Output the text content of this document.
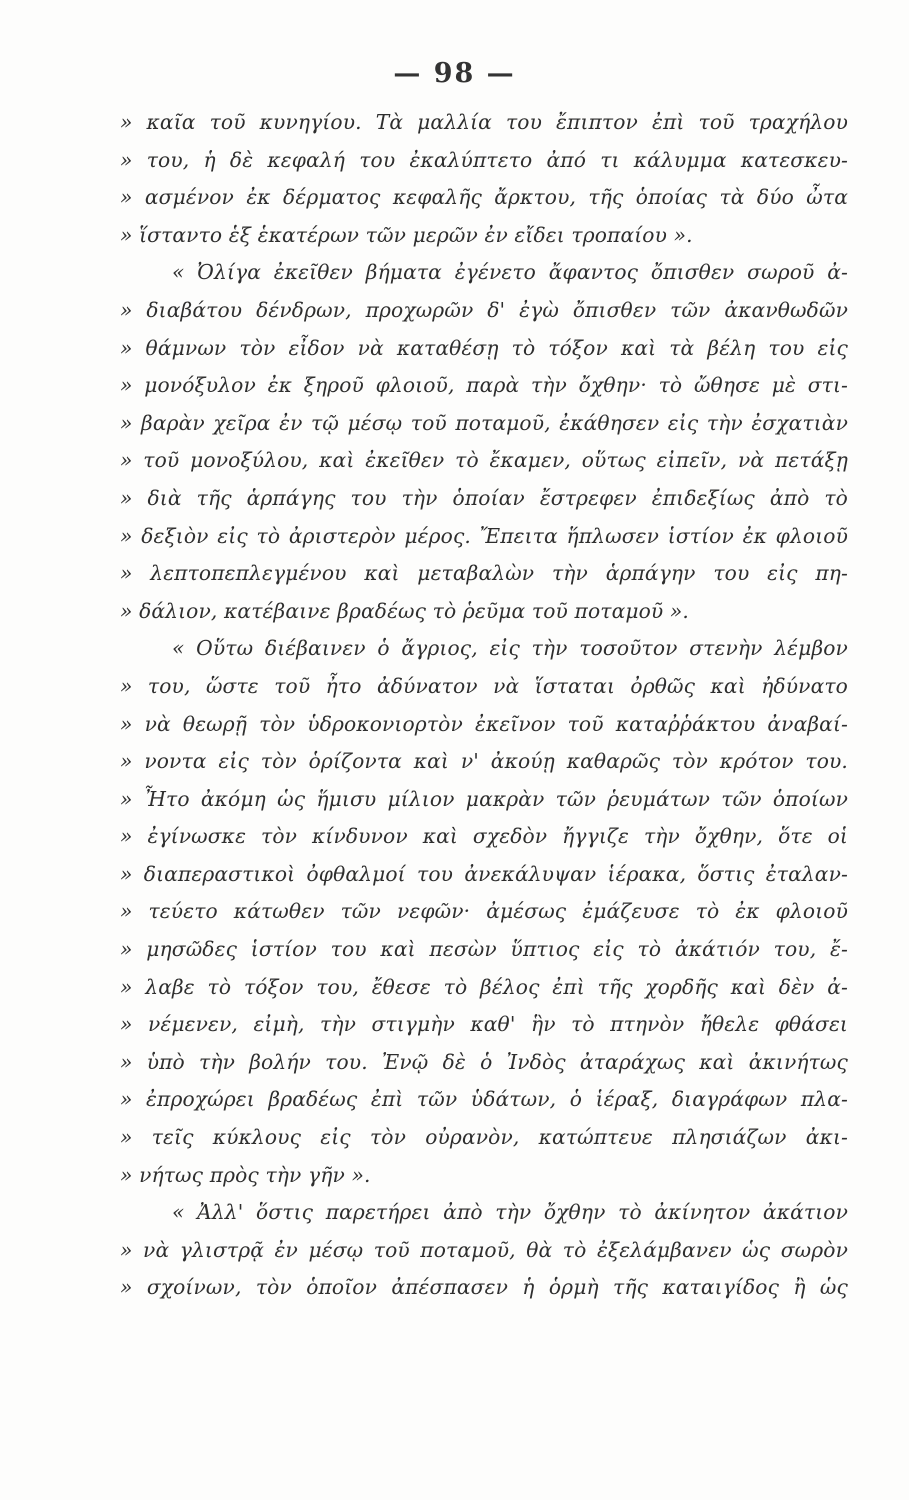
— 98 —
» καῖα τοῦ κυνηγίου. Τὰ μαλλία του ἔπιπτον ἐπὶ τοῦ τραχήλου
» του, ἡ δὲ κεφαλή του ἐκαλύπτετο ἀπό τι κάλυμμα κατεσκευ-
» ασμένον ἐκ δέρματος κεφαλῆς ἄρκτου, τῆς ὁποίας τὰ δύο ὦτα
» ἵσταντο ἑξ ἑκατέρων τῶν μερῶν ἐν εἴδει τροπαίου ».
« Ὀλίγα ἐκεῖθεν βήματα ἐγένετο ἄφαντος ὄπισθεν σωροῦ ἀ-
» διαβάτου δένδρων, προχωρῶν δ' ἐγὼ ὄπισθεν τῶν ἀκανθωδῶν
» θάμνων τὸν εἶδον νὰ καταθέσῃ τὸ τόξον καὶ τὰ βέλη του εἰς
» μονόξυλον ἐκ ξηροῦ φλοιοῦ, παρὰ τὴν ὄχθην· τὸ ὤθησε μὲ στι-
» βαρὰν χεῖρα ἐν τῷ μέσῳ τοῦ ποταμοῦ, ἐκάθησεν εἰς τὴν ἐσχατιὰν
» τοῦ μονοξύλου, καὶ ἐκεῖθεν τὸ ἔκαμεν, οὕτως εἰπεῖν, νὰ πετάξῃ
» διὰ τῆς ἁρπάγης του τὴν ὁποίαν ἔστρεφεν ἐπιδεξίως ἀπὸ τὸ
» δεξιὸν εἰς τὸ ἀριστερὸν μέρος. Ἔπειτα ἥπλωσεν ἱστίον ἐκ φλοιοῦ
» λεπτοπεπλεγμένου καὶ μεταβαλὼν τὴν ἁρπάγην του εἰς πη-
» δάλιον, κατέβαινε βραδέως τὸ ῥεῦμα τοῦ ποταμοῦ ».
« Οὕτω διέβαινεν ὁ ἄγριος, εἰς τὴν τοσοῦτον στενὴν λέμβον
» του, ὥστε τοῦ ἦτο ἀδύνατον νὰ ἵσταται ὀρθῶς καὶ ἠδύνατο
» νὰ θεωρῇ τὸν ὑδροκονιορτὸν ἐκεῖνον τοῦ καταῤῥάκτου ἀναβαί-
» νοντα εἰς τὸν ὁρίζοντα καὶ ν' ἀκούῃ καθαρῶς τὸν κρότον του.
» Ἦτο ἀκόμη ὡς ἥμισυ μίλιον μακρὰν τῶν ῥευμάτων τῶν ὁποίων
» ἐγίνωσκε τὸν κίνδυνον καὶ σχεδὸν ἤγγιζε τὴν ὄχθην, ὅτε οἱ
» διαπεραστικοὶ ὀφθαλμοί του ἀνεκάλυψαν ἱέρακα, ὅστις ἐταλαν-
» τεύετο κάτωθεν τῶν νεφῶν· ἀμέσως ἐμάζευσε τὸ ἐκ φλοιοῦ
» μησῶδες ἱστίον του καὶ πεσὼν ὕπτιος εἰς τὸ ἀκάτιόν του, ἔ-
» λαβε τὸ τόξον του, ἔθεσε τὸ βέλος ἐπὶ τῆς χορδῆς καὶ δὲν ἀ-
» νέμενεν, εἰμὴ, τὴν στιγμὴν καθ' ἣν τὸ πτηνὸν ἤθελε φθάσει
» ὑπὸ τὴν βολήν του. Ἐνῷ δὲ ὁ Ἰνδὸς ἀταράχως καὶ ἀκινήτως
» ἐπροχώρει βραδέως ἐπὶ τῶν ὑδάτων, ὁ ἱέραξ, διαγράφων πλα-
» τεῖς κύκλους εἰς τὸν οὐρανὸν, κατώπτευε πλησιάζων ἀκι-
» νήτως πρὸς τὴν γῆν ».
« Ἀλλ' ὅστις παρετήρει ἀπὸ τὴν ὄχθην τὸ ἀκίνητον ἀκάτιον
» νὰ γλιστρᾷ ἐν μέσῳ τοῦ ποταμοῦ, θὰ τὸ ἐξελάμβανεν ὡς σωρὸν
» σχοίνων, τὸν ὁποῖον ἀπέσπασεν ἡ ὁρμὴ τῆς καταιγίδος ἢ ὡς
